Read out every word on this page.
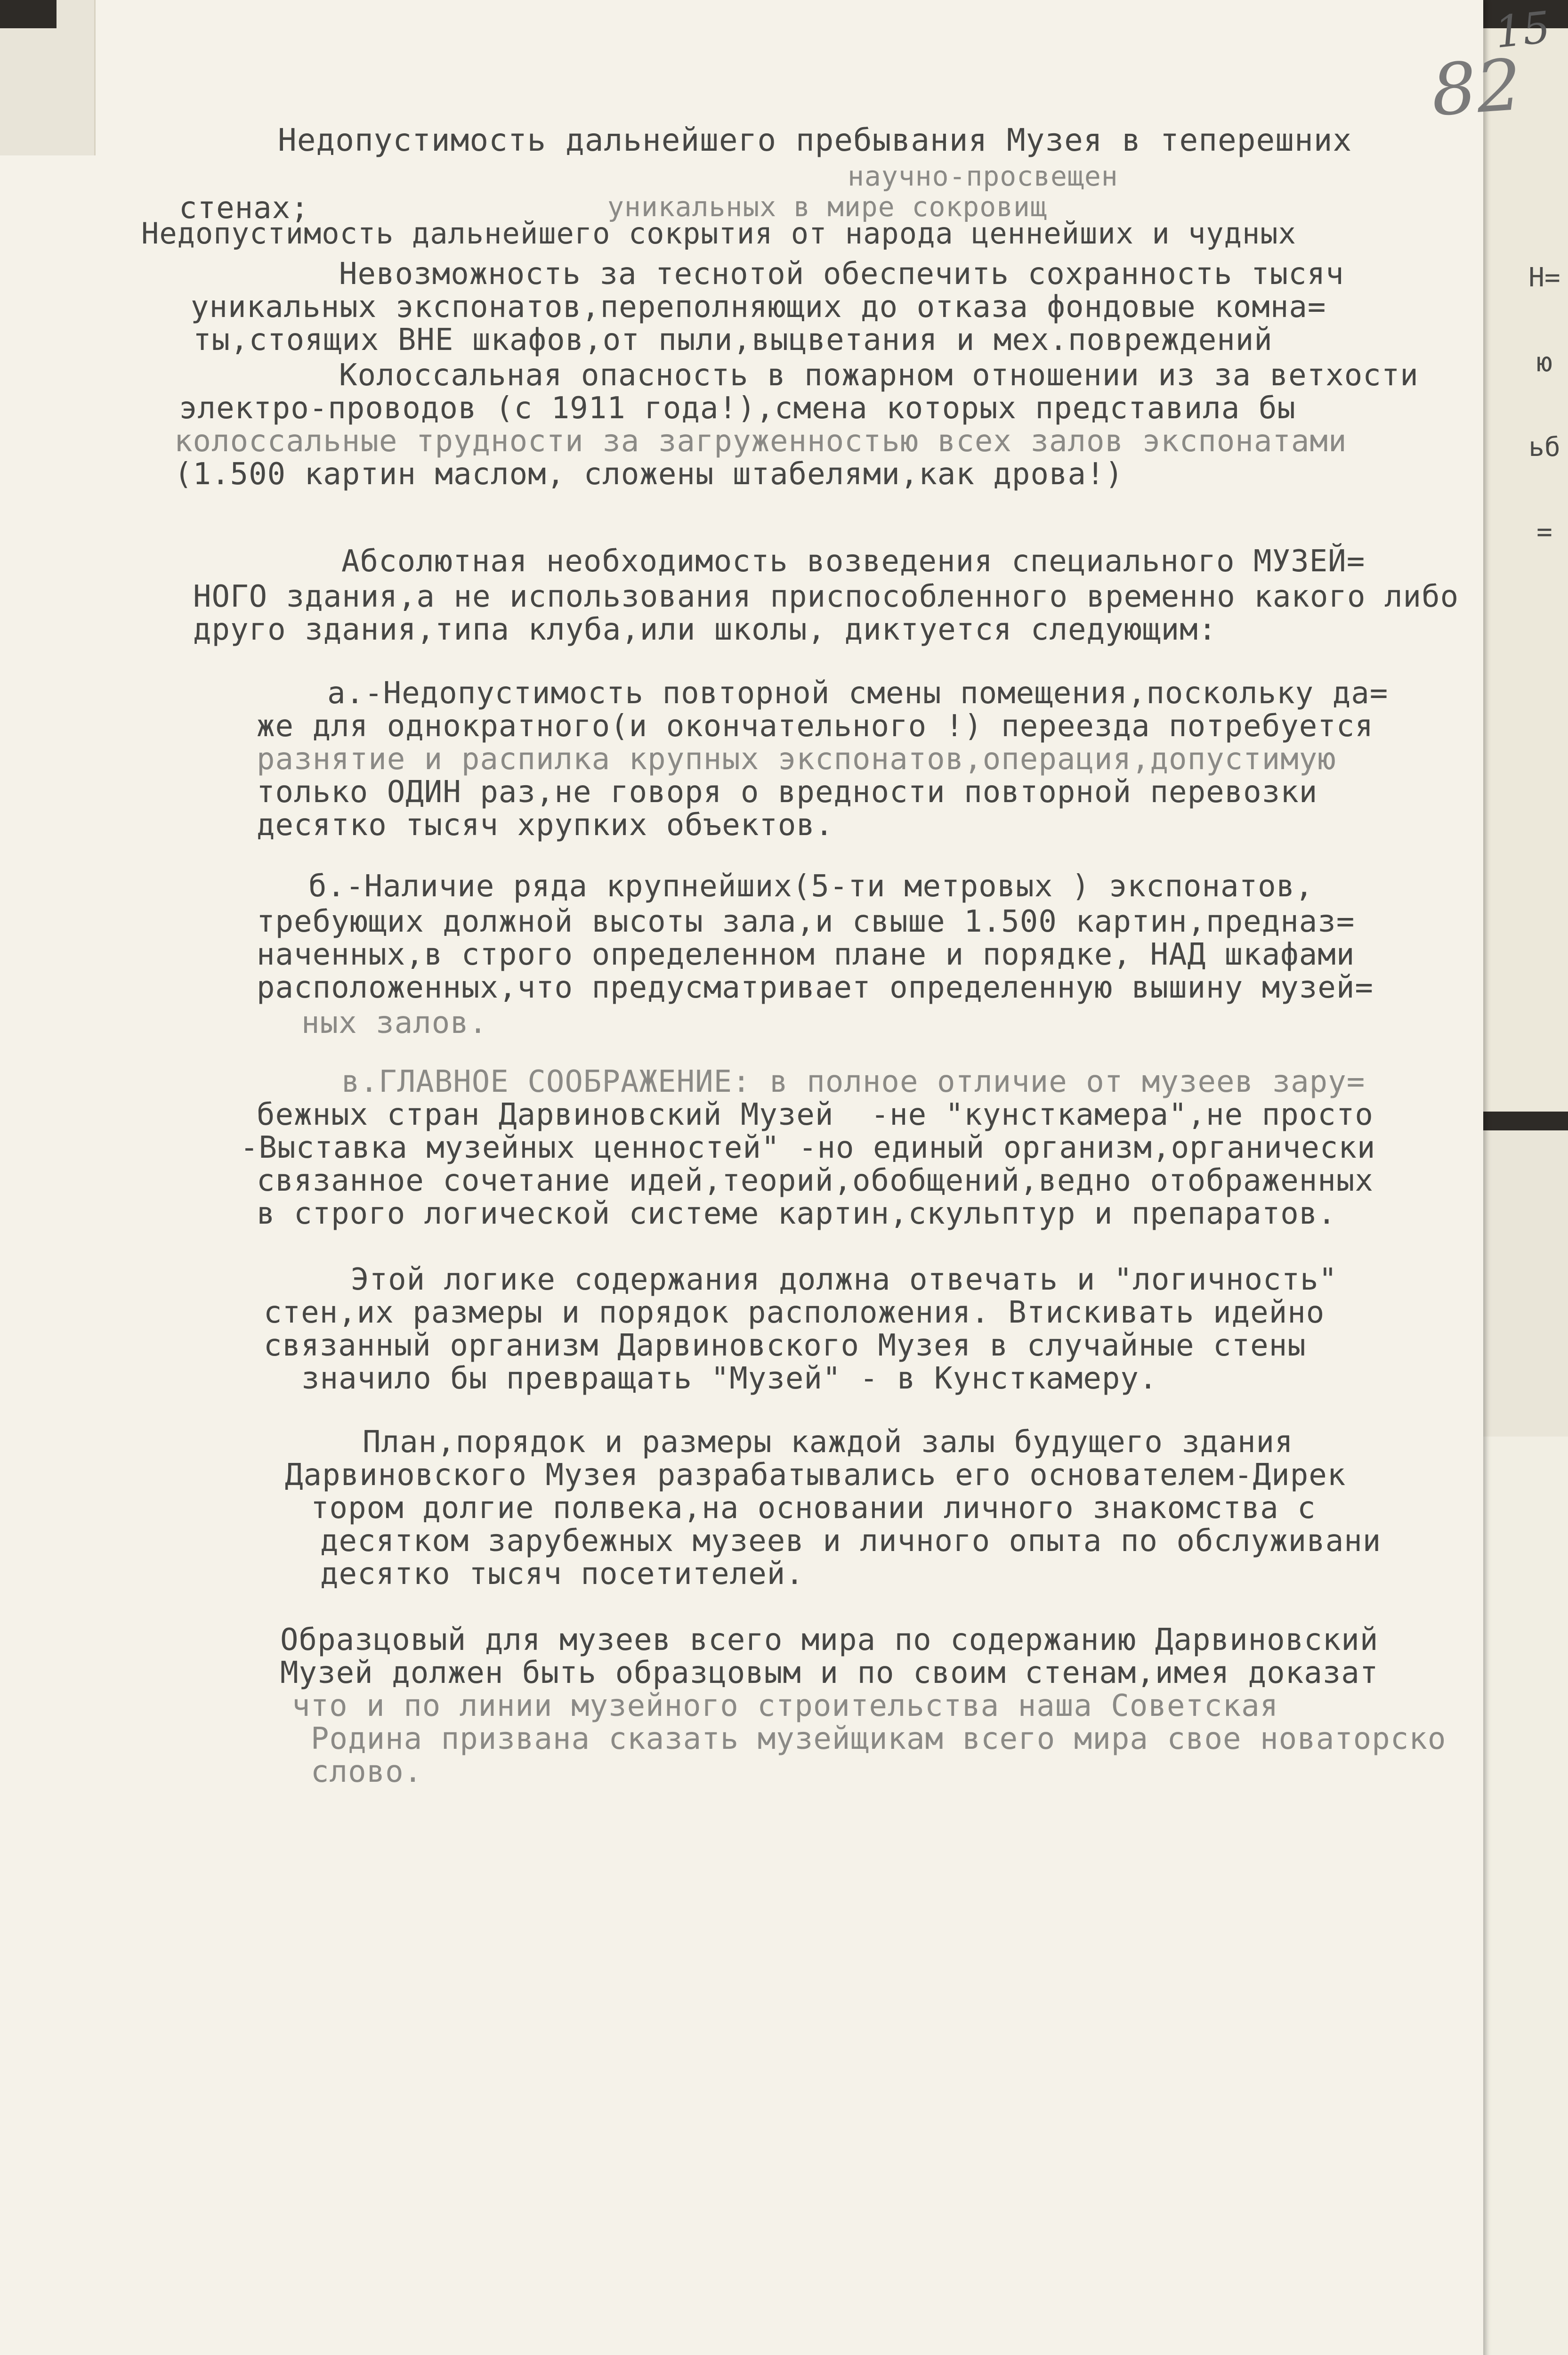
Н=
ю
ьб
=
Недопустимость дальнейшего пребывания Музея в теперешних
научно-просвещен
стенах;	уникальных в мире сокровищ
Недопустимость дальнейшего сокрытия от народа ценнейших и чудных
Невозможность за теснотой обеспечить сохранность тысяч
уникальных экспонатов,переполняющих до отказа фондовые комна=
ты,стоящих ВНЕ шкафов,от пыли,выцветания и мех.повреждений
Колоссальная опасность в пожарном отношении из за ветхости
электро-проводов (с 1911 года!),смена которых представила бы
колоссальные трудности за загруженностью всех залов экспонатами
(1.500 картин маслом, сложены штабелями,как дрова!)
Абсолютная необходимость возведения специального МУЗЕЙ=
НОГО здания,а не использования приспособленного временно какого либо
друго здания,типа клуба,или школы, диктуется следующим:
а.-Недопустимость повторной смены помещения,поскольку да=
же для однократного(и окончательного !) переезда потребуется
разнятие и распилка крупных экспонатов,операция,допустимую
только ОДИН раз,не говоря о вредности повторной перевозки
десятко тысяч хрупких объектов.
б.-Наличие ряда крупнейших(5-ти метровых ) экспонатов,
требующих должной высоты зала,и свыше 1.500 картин,предназ=
наченных,в строго определенном плане и порядке, НАД шкафами
расположенных,что предусматривает определенную вышину музей=
ных залов.
в.ГЛАВНОЕ СООБРАЖЕНИЕ: в полное отличие от музеев зару=
бежных стран Дарвиновский Музей  -не "кунсткамера",не просто
-Выставка музейных ценностей" -но единый организм,органически
связанное сочетание идей,теорий,обобщений,ведно отображенных
в строго логической системе картин,скульптур и препаратов.
Этой логике содержания должна отвечать и "логичность"
стен,их размеры и порядок расположения. Втискивать идейно
связанный организм Дарвиновского Музея в случайные стены
значило бы превращать "Музей" - в Кунсткамеру.
План,порядок и размеры каждой залы будущего здания
Дарвиновского Музея разрабатывались его основателем-Дирек
тором долгие полвека,на основании личного знакомства с
десятком зарубежных музеев и личного опыта по обслуживани
десятко тысяч посетителей.
Образцовый для музеев всего мира по содержанию Дарвиновский
Музей должен быть образцовым и по своим стенам,имея доказат
что и по линии музейного строительства наша Советская
Родина призвана сказать музейщикам всего мира свое новаторско
слово.
82
15
